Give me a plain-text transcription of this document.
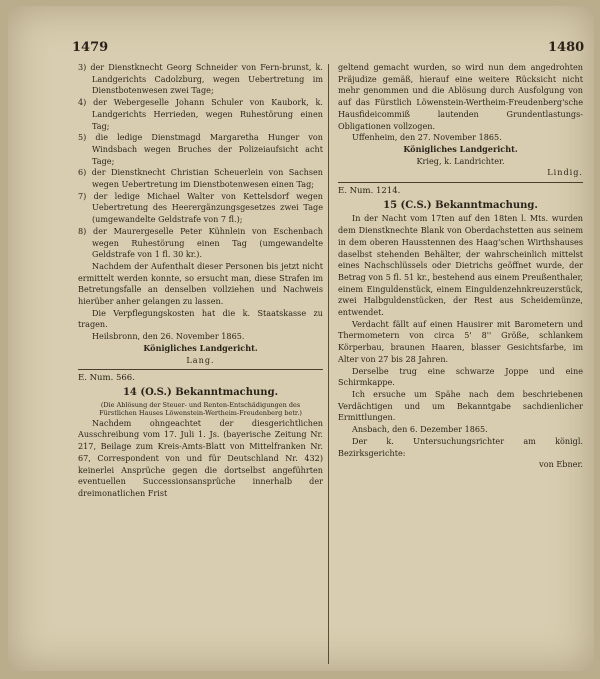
1479	1480

3) der Dienstknecht Georg Schneider von Fern-brunst, k. Landgerichts Cadolzburg, wegen Uebertretung im Dienstbotenwesen zwei Tage;

4) der Webergeselle Johann Schuler von Kaubork, k. Landgerichts Herrieden, wegen Ruhestörung einen Tag;

5) die ledige Dienstmagd Margaretha Hunger von Windsbach wegen Bruches der Polizeiaufsicht acht Tage;

6) der Dienstknecht Christian Scheuerlein von Sachsen wegen Uebertretung im Dienstbotenwesen einen Tag;

7) der ledige Michael Walter von Kettelsdorf wegen Uebertretung des Heerergänzungsgesetzes zwei Tage (umgewandelte Geldstrafe von 7 fl.);

8) der Maurergeselle Peter Kühnlein von Eschenbach wegen Ruhestörung einen Tag (umgewandelte Geldstrafe von 1 fl. 30 kr.).

Nachdem der Aufenthalt dieser Personen bis jetzt nicht ermittelt werden konnte, so ersucht man, diese Strafen im Betretungsfalle an denselben vollziehen und Nachweis hierüber anher gelangen zu lassen.

Die Verpflegungskosten hat die k. Staatskasse zu tragen.

Heilsbronn, den 26. November 1865.

Königliches Landgericht.

Lang.

E. Num. 566.

14 (O.S.) Bekanntmachung.

(Die Ablösung der Steuer- und Renten-Entschädigungen des Fürstlichen Hauses Löwenstein-Wertheim-Freudenberg betr.)

Nachdem ohngeachtet der diesgerichtlichen Ausschreibung vom 17. Juli 1. Js. (bayerische Zeitung Nr. 217, Beilage zum Kreis-Amts-Blatt von Mittelfranken Nr. 67, Correspondent von und für Deutschland Nr. 432) keinerlei Ansprüche gegen die dortselbst angeführten eventuellen Successionsansprüche innerhalb der dreimonatlichen Frist

geltend gemacht wurden, so wird nun dem angedrohten Präjudize gemäß, hierauf eine weitere Rücksicht nicht mehr genommen und die Ablösung durch Ausfolgung von auf das Fürstlich Löwenstein-Wertheim-Freudenberg'sche Hausfideicommiß lautenden Grundentlastungs-Obligationen vollzogen.

Uffenheim, den 27. November 1865.

Königliches Landgericht.

Krieg, k. Landrichter.

Lindig.

E. Num. 1214.

15 (C.S.) Bekanntmachung.

In der Nacht vom 17ten auf den 18ten l. Mts. wurden dem Dienstknechte Blank von Oberdachstetten aus seinem in dem oberen Hausstennen des Haag'schen Wirthshauses daselbst stehenden Behälter, der wahrscheinlich mittelst eines Nachschlüssels oder Dietrichs geöffnet wurde, der Betrag von 5 fl. 51 kr., bestehend aus einem Preußenthaler, einem Einguldenstück, einem Einguldenzehnkreuzerstück, zwei Halbguldenstücken, der Rest aus Scheidemünze, entwendet.

Verdacht fällt auf einen Hausirer mit Barometern und Thermometern von circa 5' 8'' Größe, schlankem Körperbau, braunen Haaren, blasser Gesichtsfarbe, im Alter von 27 bis 28 Jahren.

Derselbe trug eine schwarze Joppe und eine Schirmkappe.

Ich ersuche um Spähe nach dem beschriebenen Verdächtigen und um Bekanntgabe sachdienlicher Ermittlungen.

Ansbach, den 6. Dezember 1865.

Der k. Untersuchungsrichter am königl. Bezirksgerichte:

von Ebner.
